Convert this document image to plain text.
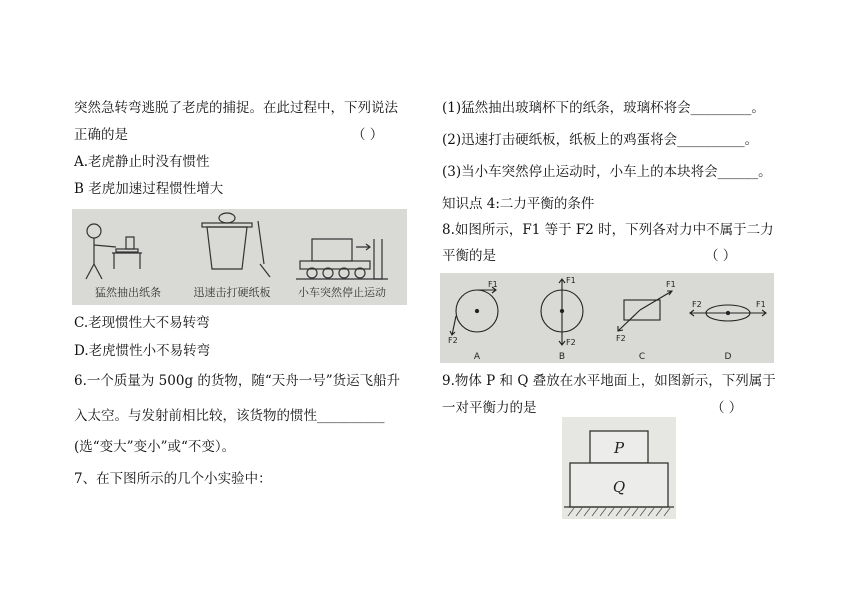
突然急转弯逃脱了老虎的捕捉。在此过程中，下列说法
正确的是	（ ）
A.老虎静止时没有惯性
B 老虎加速过程惯性增大
猛然抽出纸条	迅速击打硬纸板	小车突然停止运动
C.老现惯性大不易转弯
D.老虎惯性小不易转弯
6.一个质量为 500g 的货物，随“天舟一号”货运飞船升
入太空。与发射前相比较，该货物的惯性__________
(选“变大”变小”或“不变）。
7、在下图所示的几个小实验中：
(1)猛然抽出玻璃杯下的纸条，玻璃杯将会_________。
(2)迅速打击硬纸板，纸板上的鸡蛋将会__________。
(3)当小车突然停止运动时，小车上的本块将会______。
知识点 4:二力平衡的条件
8.如图所示，F1 等于 F2 时，下列各对力中不属于二力
平衡的是	（ ）
F1
F2
F1
F2
F1
F2
F1
F2
A	B	C	D
9.物体 P 和 Q 叠放在水平地面上，如图新示，下列属于
一对平衡力的是	（ ）
P
Q
